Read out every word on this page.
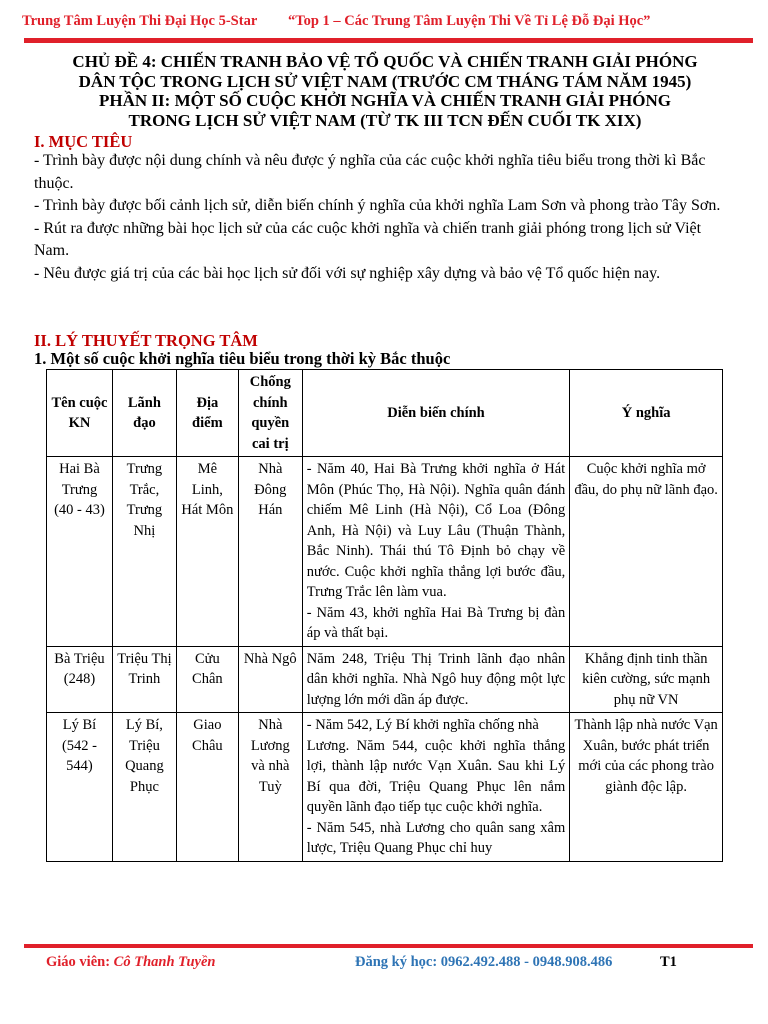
Trung Tâm Luyện Thi Đại Học 5-Star “Top 1 – Các Trung Tâm Luyện Thi Về Tỉ Lệ Đỗ Đại Học”
CHỦ ĐỀ 4: CHIẾN TRANH BẢO VỆ TỔ QUỐC VÀ CHIẾN TRANH GIẢI PHÓNG
DÂN TỘC TRONG LỊCH SỬ VIỆT NAM (TRƯỚC CM THÁNG TÁM NĂM 1945)
PHẦN II: MỘT SỐ CUỘC KHỞI NGHĨA VÀ CHIẾN TRANH GIẢI PHÓNG
TRONG LỊCH SỬ VIỆT NAM (TỪ TK III TCN ĐẾN CUỐI TK XIX)
I. MỤC TIÊU

- Trình bày được nội dung chính và nêu được ý nghĩa của các cuộc khởi nghĩa tiêu biểu trong thời kì Bắc thuộc.

- Trình bày được bối cảnh lịch sử, diễn biến chính ý nghĩa của khởi nghĩa Lam Sơn và phong trào Tây Sơn.

- Rút ra được những bài học lịch sử của các cuộc khởi nghĩa và chiến tranh giải phóng trong lịch sử Việt Nam.

- Nêu được giá trị của các bài học lịch sử đối với sự nghiệp xây dựng và bảo vệ Tổ quốc hiện nay.

II. LÝ THUYẾT TRỌNG TÂM
1. Một số cuộc khởi nghĩa tiêu biểu trong thời kỳ Bắc thuộc
Tên cuộc KN	Lãnh đạo	Địa điểm	Chống chính quyền cai trị	Diễn biến chính	Ý nghĩa
Hai Bà Trưng (40 - 43)	Trưng Trắc, Trưng Nhị	Mê Linh, Hát Môn	Nhà Đông Hán	- Năm 40, Hai Bà Trưng khởi nghĩa ở Hát Môn (Phúc Thọ, Hà Nội). Nghĩa quân đánh chiếm Mê Linh (Hà Nội), Cổ Loa (Đông Anh, Hà Nội) và Luy Lâu (Thuận Thành, Bắc Ninh). Thái thú Tô Định bỏ chạy về nước. Cuộc khởi nghĩa thắng lợi bước đầu, Trưng Trắc lên làm vua.
- Năm 43, khởi nghĩa Hai Bà Trưng bị đàn áp và thất bại.	Cuộc khởi nghĩa mở đầu, do phụ nữ lãnh đạo.
Bà Triệu (248)	Triệu Thị Trinh	Cửu Chân	Nhà Ngô	Năm 248, Triệu Thị Trinh lãnh đạo nhân dân khởi nghĩa. Nhà Ngô huy động một lực lượng lớn mới dần áp được.	Khẳng định tinh thần kiên cường, sức mạnh phụ nữ VN
Lý Bí (542 - 544)	Lý Bí, Triệu Quang Phục	Giao Châu	Nhà Lương và nhà Tuỳ	- Năm 542, Lý Bí khởi nghĩa chống nhà
Lương. Năm 544, cuộc khởi nghĩa thắng lợi, thành lập nước Vạn Xuân. Sau khi Lý Bí qua đời, Triệu Quang Phục lên nắm quyền lãnh đạo tiếp tục cuộc khởi nghĩa.
- Năm 545, nhà Lương cho quân sang xâm lược, Triệu Quang Phục chỉ huy	Thành lập nhà nước Vạn Xuân, bước phát triển mới của các phong trào giành độc lập.
Giáo viên: Cô Thanh Tuyền	Đăng ký học: 0962.492.488 - 0948.908.486	T1
